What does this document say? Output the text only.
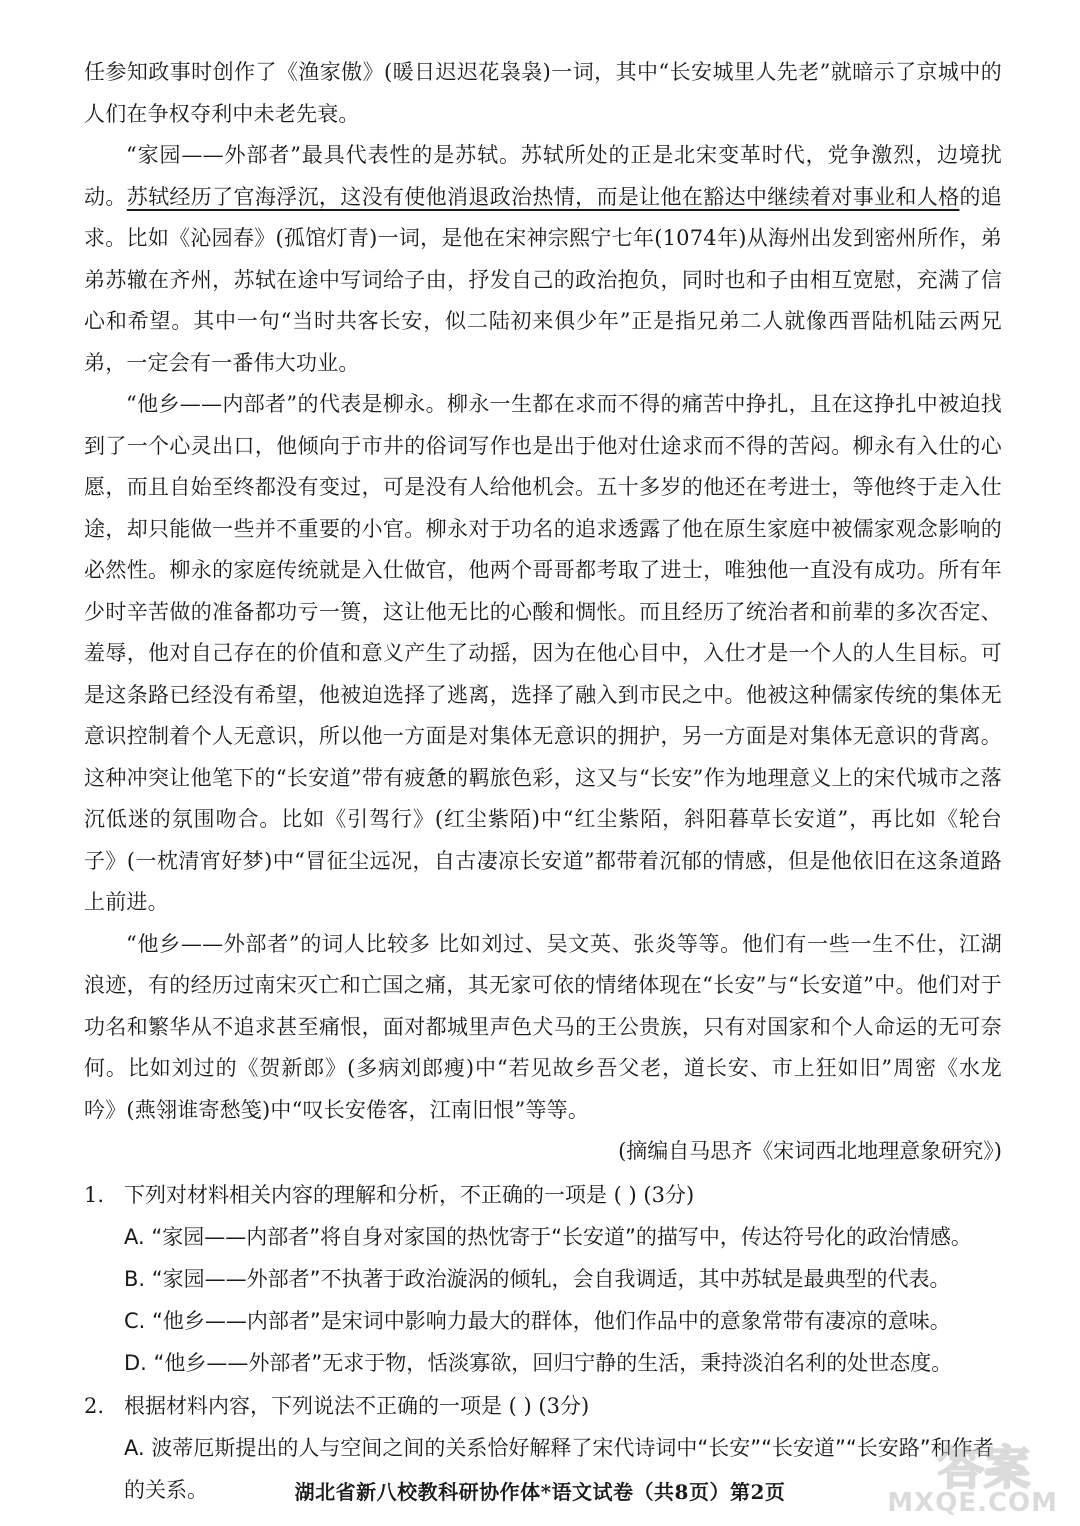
任参知政事时创作了《渔家傲》(暖日迟迟花袅袅)一词，其中“长安城里人先老”就暗示了京城中的人们在争权夺利中未老先衰。

“家园——外部者”最具代表性的是苏轼。苏轼所处的正是北宋变革时代，党争激烈，边境扰动。苏轼经历了官海浮沉，这没有使他消退政治热情，而是让他在豁达中继续着对事业和人格的追求。比如《沁园春》(孤馆灯青)一词，是他在宋神宗熙宁七年(1074年)从海州出发到密州所作，弟弟苏辙在齐州，苏轼在途中写词给子由，抒发自己的政治抱负，同时也和子由相互宽慰，充满了信心和希望。其中一句“当时共客长安，似二陆初来俱少年”正是指兄弟二人就像西晋陆机陆云两兄弟，一定会有一番伟大功业。

“他乡——内部者”的代表是柳永。柳永一生都在求而不得的痛苦中挣扎，且在这挣扎中被迫找到了一个心灵出口，他倾向于市井的俗词写作也是出于他对仕途求而不得的苦闷。柳永有入仕的心愿，而且自始至终都没有变过，可是没有人给他机会。五十多岁的他还在考进士，等他终于走入仕途，却只能做一些并不重要的小官。柳永对于功名的追求透露了他在原生家庭中被儒家观念影响的必然性。柳永的家庭传统就是入仕做官，他两个哥哥都考取了进士，唯独他一直没有成功。所有年少时辛苦做的准备都功亏一篑，这让他无比的心酸和惆怅。而且经历了统治者和前辈的多次否定、羞辱，他对自己存在的价值和意义产生了动摇，因为在他心目中，入仕才是一个人的人生目标。可是这条路已经没有希望，他被迫选择了逃离，选择了融入到市民之中。他被这种儒家传统的集体无意识控制着个人无意识，所以他一方面是对集体无意识的拥护，另一方面是对集体无意识的背离。这种冲突让他笔下的“长安道”带有疲惫的羁旅色彩，这又与“长安”作为地理意义上的宋代城市之落沉低迷的氛围吻合。比如《引驾行》(红尘紫陌)中“红尘紫陌，斜阳暮草长安道”，再比如《轮台子》(一枕清宵好梦)中“冒征尘远况，自古凄凉长安道”都带着沉郁的情感，但是他依旧在这条道路上前进。

“他乡——外部者”的词人比较多 比如刘过、吴文英、张炎等等。他们有一些一生不仕，江湖浪迹，有的经历过南宋灭亡和亡国之痛，其无家可依的情绪体现在“长安”与“长安道”中。他们对于功名和繁华从不追求甚至痛恨，面对都城里声色犬马的王公贵族，只有对国家和个人命运的无可奈何。比如刘过的《贺新郎》(多病刘郎瘦)中“若见故乡吾父老，道长安、市上狂如旧”周密《水龙吟》(燕翎谁寄愁笺)中“叹长安倦客，江南旧恨”等等。

(摘编自马思齐《宋词西北地理意象研究》)

1. 下列对材料相关内容的理解和分析，不正确的一项是 ( ) (3分)
A. “家园——内部者”将自身对家国的热忱寄于“长安道”的描写中，传达符号化的政治情感。
B. “家园——外部者”不执著于政治漩涡的倾轧，会自我调适，其中苏轼是最典型的代表。
C. “他乡——内部者”是宋词中影响力最大的群体，他们作品中的意象常带有凄凉的意味。
D. “他乡——外部者”无求于物，恬淡寡欲，回归宁静的生活，秉持淡泊名利的处世态度。
2. 根据材料内容，下列说法不正确的一项是 ( ) (3分)
A. 波蒂厄斯提出的人与空间之间的关系恰好解释了宋代诗词中“长安”“长安道”“长安路”和作者的关系。	答案
MXQE.COM
湖北省新八校教科研协作体*语文试卷（共8页）第2页
